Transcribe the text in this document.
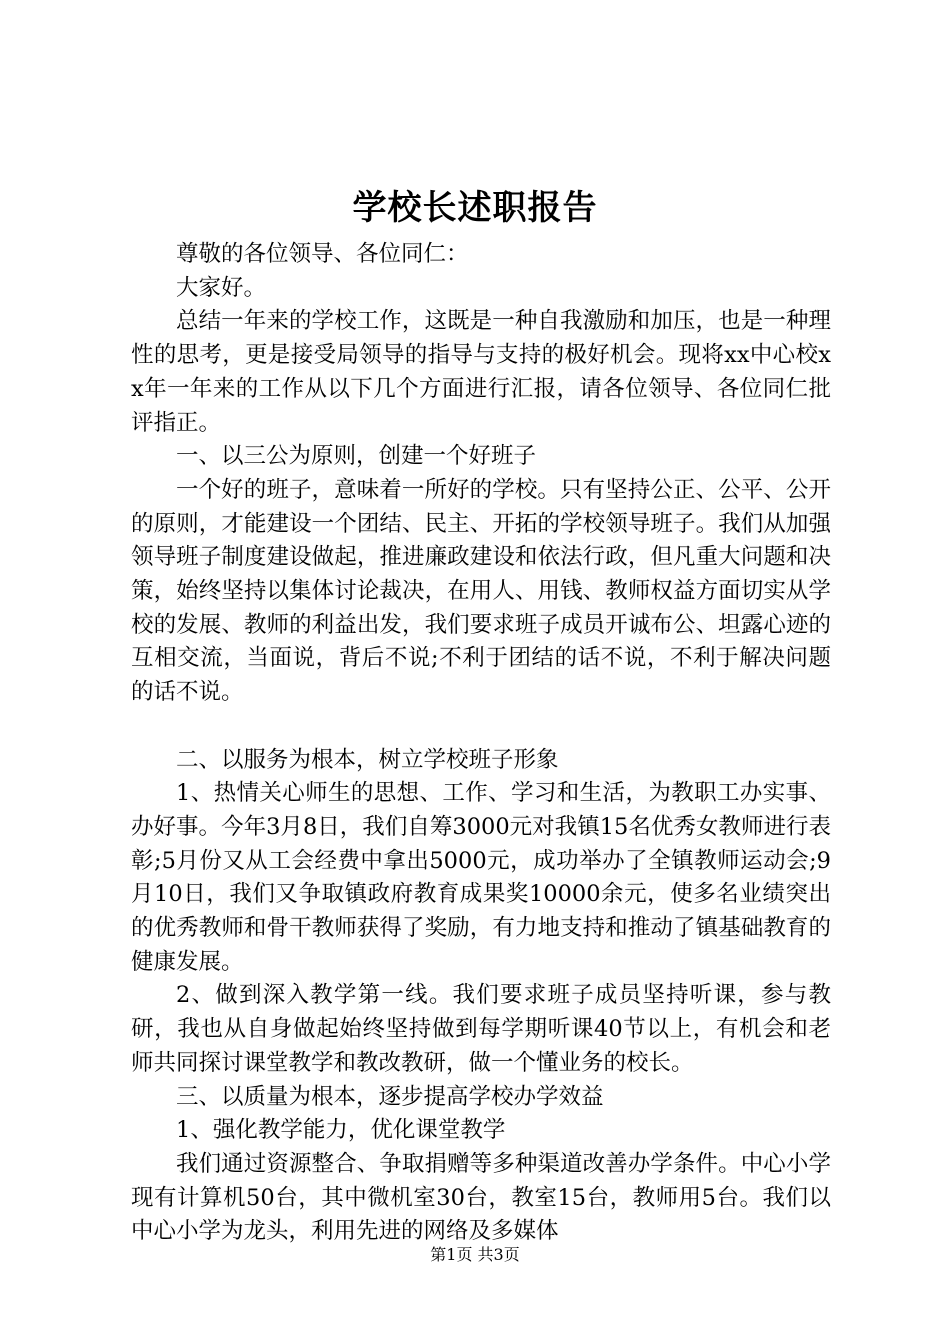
学校长述职报告

尊敬的各位领导、各位同仁：

大家好。

总结一年来的学校工作，这既是一种自我激励和加压，也是一种理性的思考，更是接受局领导的指导与支持的极好机会。现将xx中心校xx年一年来的工作从以下几个方面进行汇报，请各位领导、各位同仁批评指正。

一、以三公为原则，创建一个好班子

一个好的班子，意味着一所好的学校。只有坚持公正、公平、公开的原则，才能建设一个团结、民主、开拓的学校领导班子。我们从加强领导班子制度建设做起，推进廉政建设和依法行政，但凡重大问题和决策，始终坚持以集体讨论裁决，在用人、用钱、教师权益方面切实从学校的发展、教师的利益出发，我们要求班子成员开诚布公、坦露心迹的互相交流，当面说，背后不说;不利于团结的话不说，不利于解决问题的话不说。

二、以服务为根本，树立学校班子形象

1、热情关心师生的思想、工作、学习和生活，为教职工办实事、办好事。今年3月8日，我们自筹3000元对我镇15名优秀女教师进行表彰;5月份又从工会经费中拿出5000元，成功举办了全镇教师运动会;9月10日，我们又争取镇政府教育成果奖10000余元，使多名业绩突出的优秀教师和骨干教师获得了奖励，有力地支持和推动了镇基础教育的健康发展。

2、做到深入教学第一线。我们要求班子成员坚持听课，参与教研，我也从自身做起始终坚持做到每学期听课40节以上，有机会和老师共同探讨课堂教学和教改教研，做一个懂业务的校长。

三、以质量为根本，逐步提高学校办学效益

1、强化教学能力，优化课堂教学

我们通过资源整合、争取捐赠等多种渠道改善办学条件。中心小学现有计算机50台，其中微机室30台，教室15台，教师用5台。我们以中心小学为龙头，利用先进的网络及多媒体

第1页 共3页
